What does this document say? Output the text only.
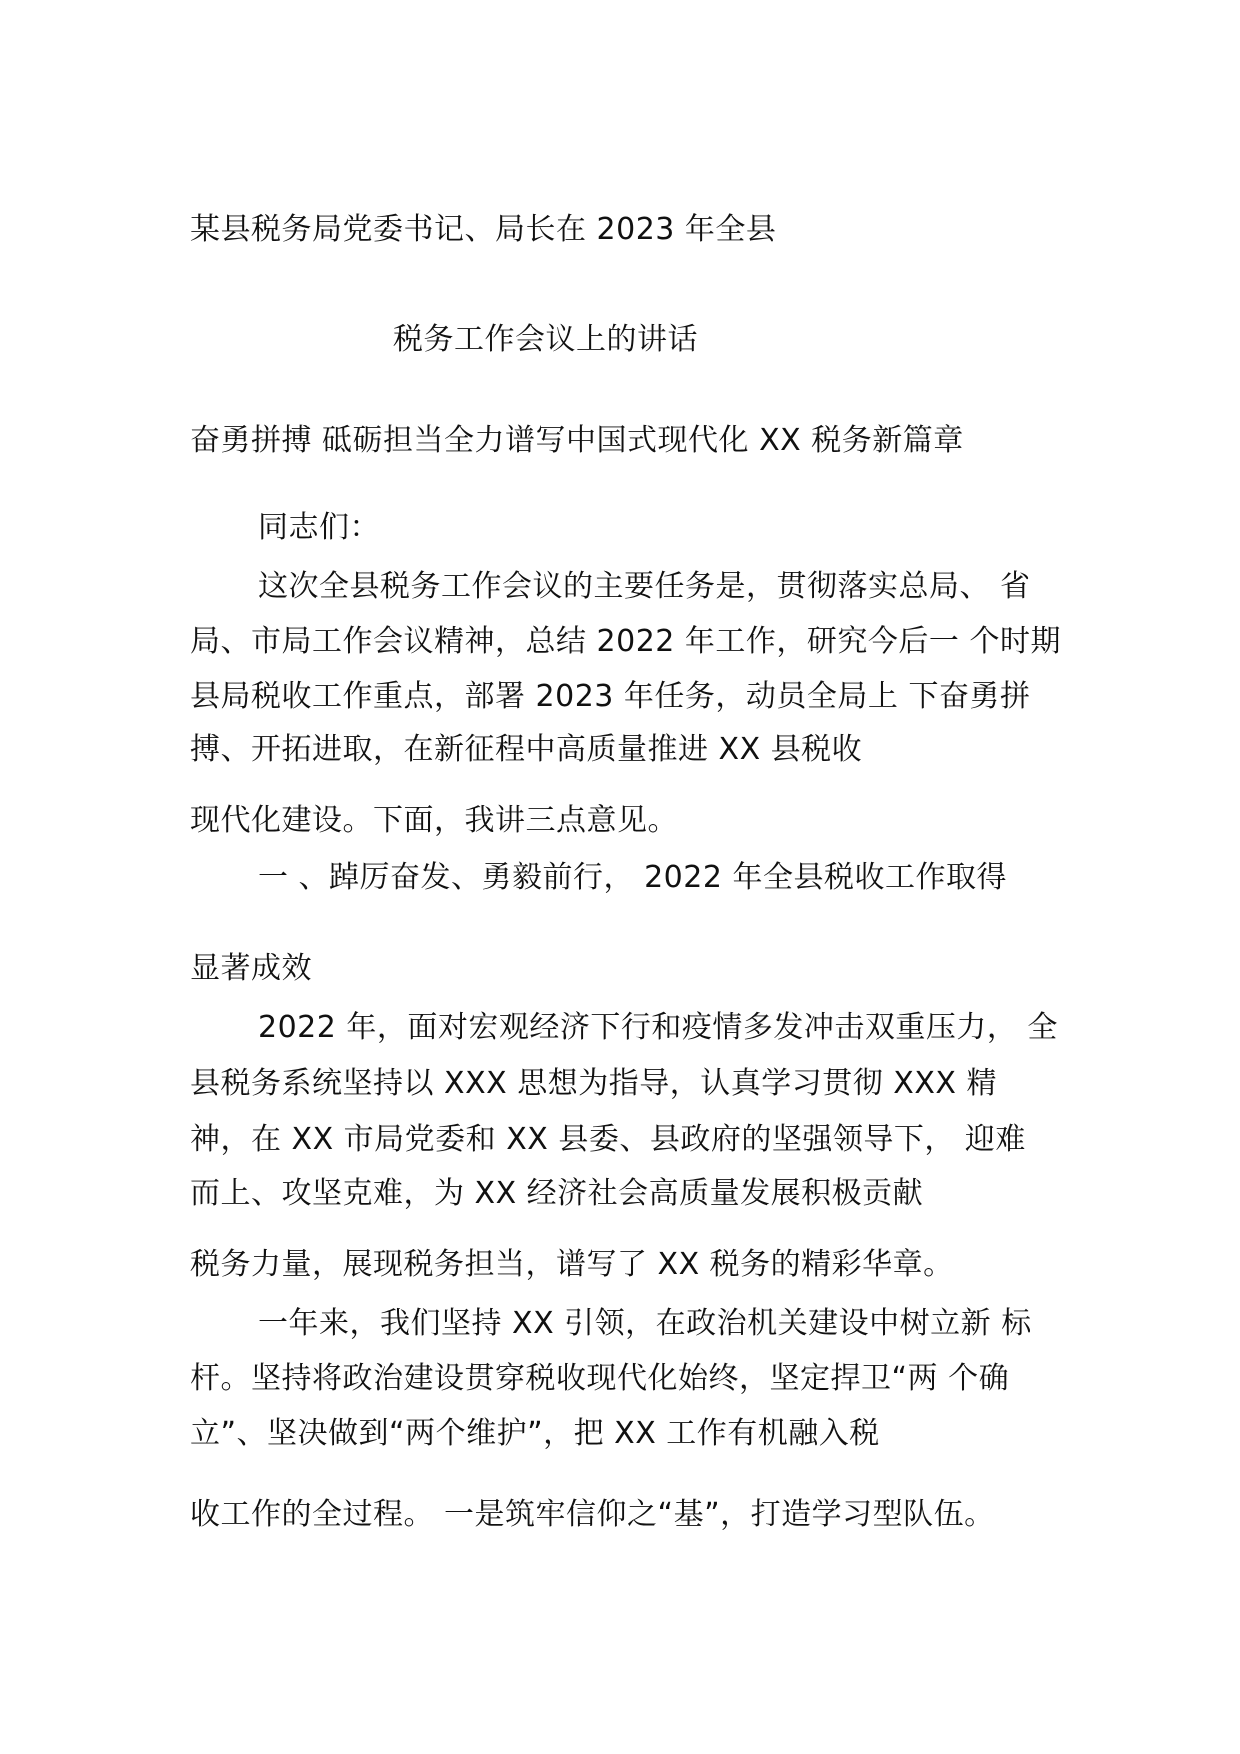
某县税务局党委书记、局长在 2023 年全县
税务工作会议上的讲话
奋勇拼搏 砥砺担当全力谱写中国式现代化 XX 税务新篇章
同志们：
这次全县税务工作会议的主要任务是，贯彻落实总局、 省
局、市局工作会议精神，总结 2022 年工作，研究今后一 个时期
县局税收工作重点，部署 2023 年任务，动员全局上 下奋勇拼
搏、开拓进取，在新征程中高质量推进 XX 县税收
现代化建设。下面，我讲三点意见。
一 、踔厉奋发、勇毅前行， 2022 年全县税收工作取得
显著成效
2022 年，面对宏观经济下行和疫情多发冲击双重压力， 全
县税务系统坚持以 XXX 思想为指导，认真学习贯彻 XXX 精
神，在 XX 市局党委和 XX 县委、县政府的坚强领导下， 迎难
而上、攻坚克难，为 XX 经济社会高质量发展积极贡献
税务力量，展现税务担当，谱写了 XX 税务的精彩华章。
一年来，我们坚持 XX 引领，在政治机关建设中树立新 标
杆。坚持将政治建设贯穿税收现代化始终，坚定捍卫“两 个确
立”、坚决做到“两个维护”，把 XX 工作有机融入税
收工作的全过程。 一是筑牢信仰之“基”，打造学习型队伍。
